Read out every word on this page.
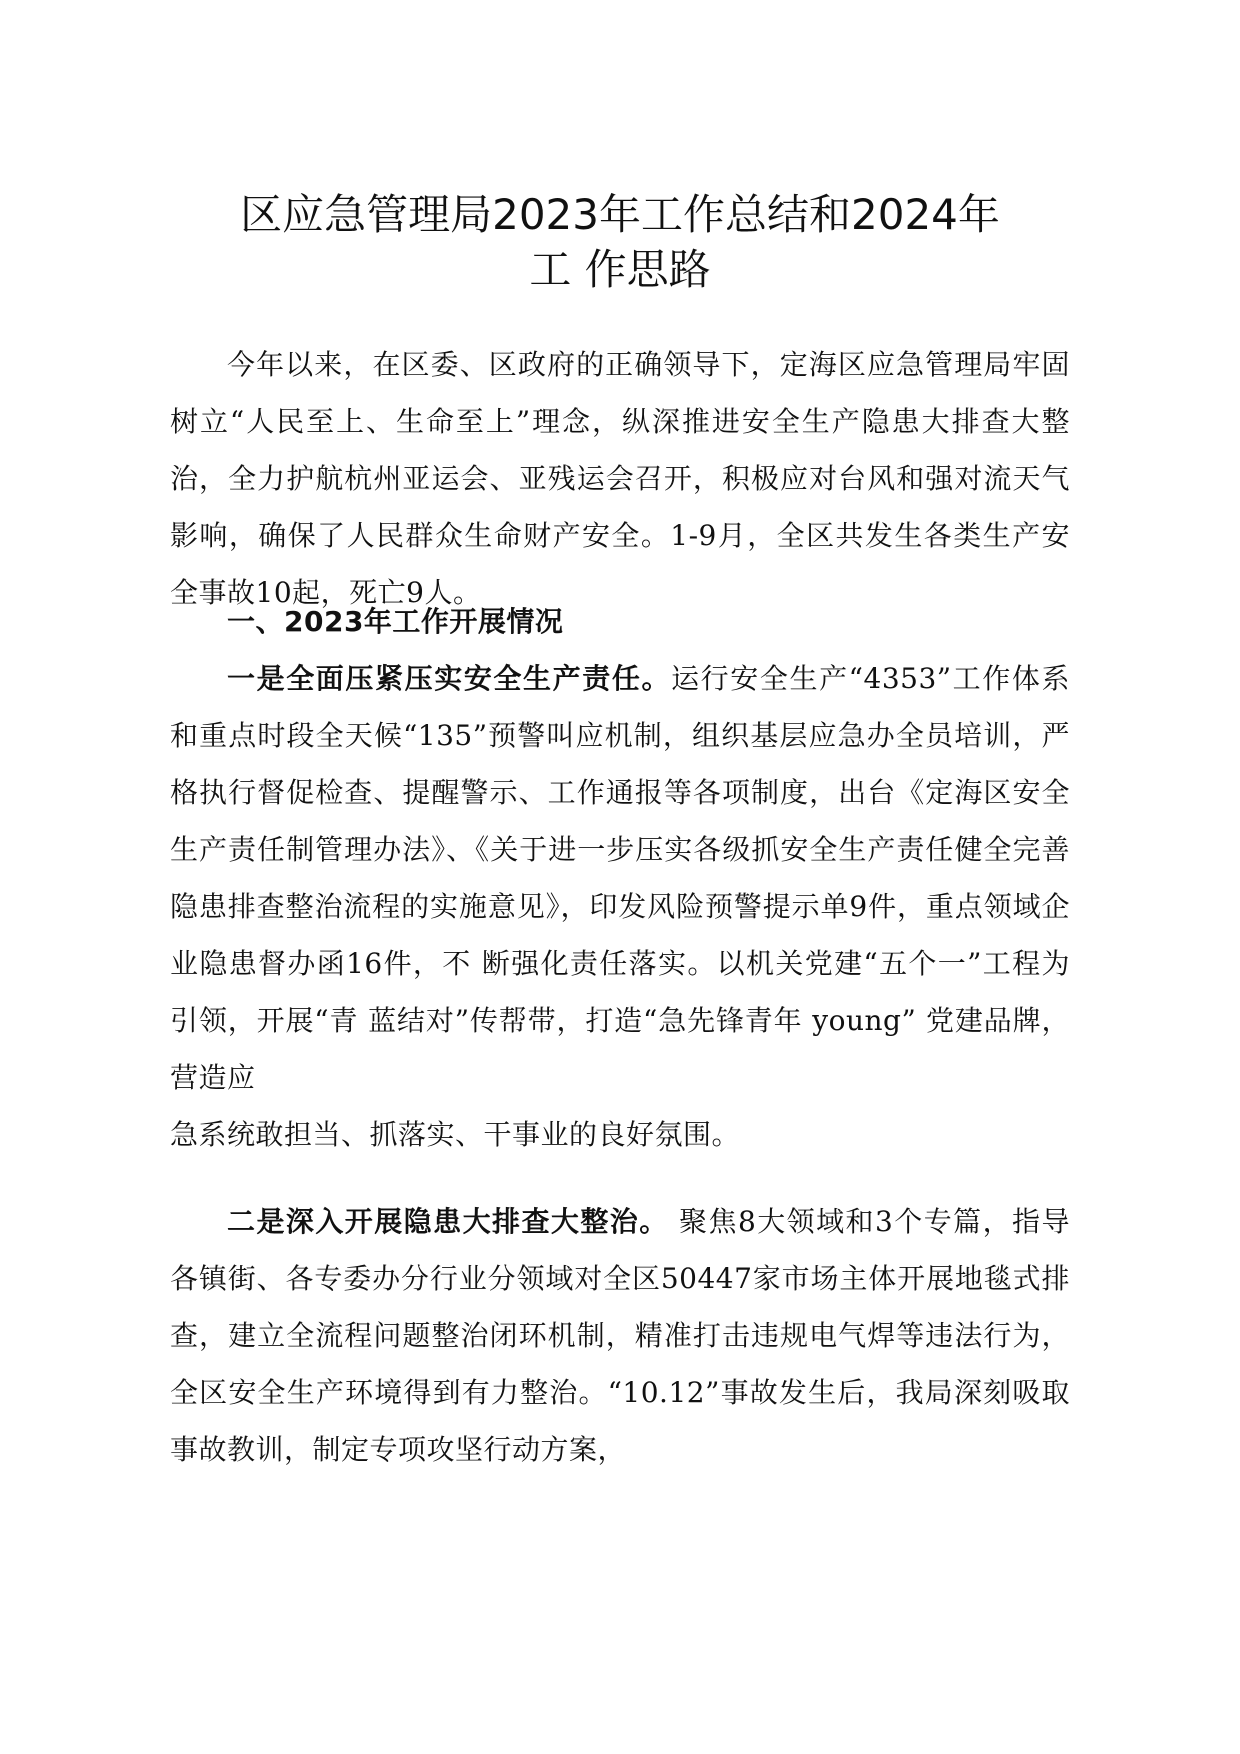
区应急管理局2023年工作总结和2024年
工 作思路

今年以来，在区委、区政府的正确领导下，定海区应急管理局牢固树立“人民至上、生命至上”理念，纵深推进安全生产隐患大排查大整治，全力护航杭州亚运会、亚残运会召开，积极应对台风和强对流天气影响，确保了人民群众生命财产安全。1-9月，全区共发生各类生产安全事故10起，死亡9人。

一、2023年工作开展情况

一是全面压紧压实安全生产责任。运行安全生产“4353”工作体系和重点时段全天候“135”预警叫应机制，组织基层应急办全员培训，严格执行督促检查、提醒警示、工作通报等各项制度，出台《定海区安全生产责任制管理办法》、《关于进一步压实各级抓安全生产责任健全完善隐患排查整治流程的实施意见》，印发风险预警提示单9件，重点领域企业隐患督办函16件，不 断强化责任落实。以机关党建“五个一”工程为引领，开展“青 蓝结对”传帮带，打造“急先锋青年 young” 党建品牌，营造应
急系统敢担当、抓落实、干事业的良好氛围。
二是深入开展隐患大排查大整治。 聚焦8大领域和3个专篇，指导各镇街、各专委办分行业分领域对全区50447家市场主体开展地毯式排查，建立全流程问题整治闭环机制，精准打击违规电气焊等违法行为，全区安全生产环境得到有力整治。“10.12”事故发生后，我局深刻吸取事故教训，制定专项攻坚行动方案，
